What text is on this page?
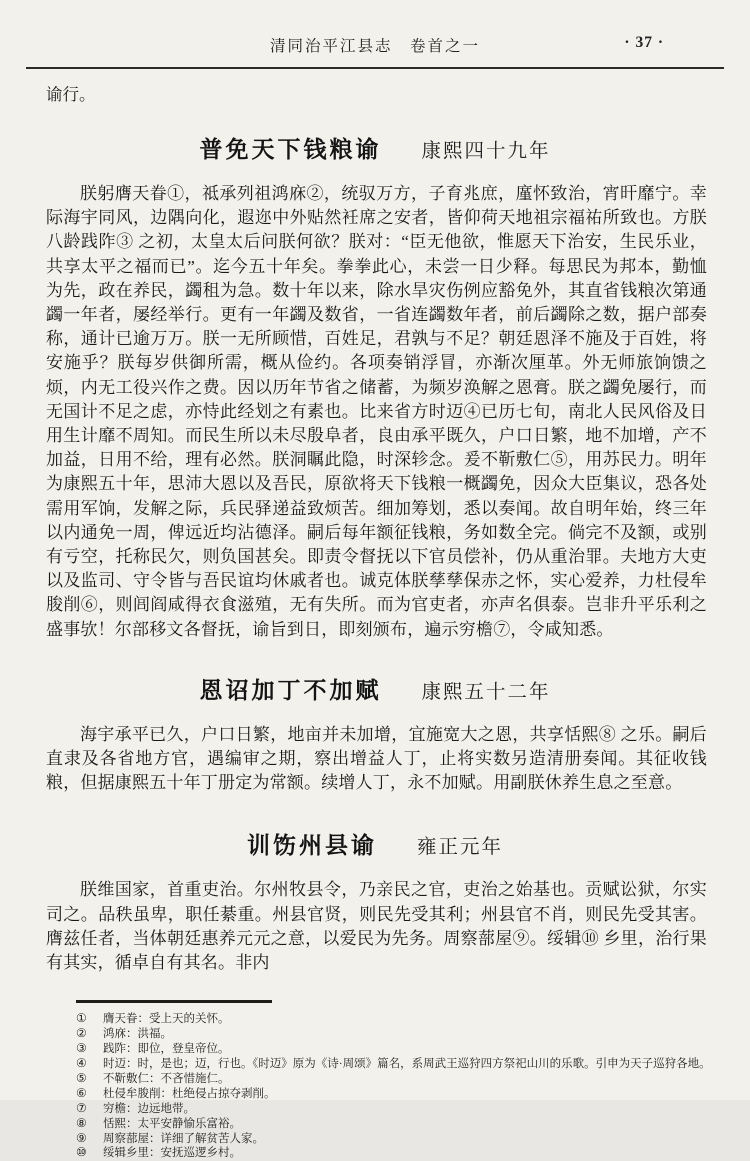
清同治平江县志　卷首之一	· 37 ·

谕行。

普免天下钱粮谕 康熙四十九年

朕躬膺天眷①，祗承列祖鸿庥②，统驭万方，子育兆庶，廑怀致治，宵旰靡宁。幸际海宇同风，边隅向化，遐迩中外贴然衽席之安者，皆仰荷天地祖宗福祐所致也。方朕八龄践阼③ 之初，太皇太后问朕何欲？朕对：“臣无他欲，惟愿天下治安，生民乐业，共享太平之福而已”。迄今五十年矣。拳拳此心，未尝一日少释。每思民为邦本，勤恤为先，政在养民，蠲租为急。数十年以来，除水旱灾伤例应豁免外，其直省钱粮次第通蠲一年者，屡经举行。更有一年蠲及数省，一省连蠲数年者，前后蠲除之数，据户部奏称，通计已逾万万。朕一无所顾惜，百姓足，君孰与不足？朝廷恩泽不施及于百姓，将安施乎？朕每岁供御所需，概从俭约。各项奏销浮冒，亦渐次厘革。外无师旅饷馈之烦，内无工役兴作之费。因以历年节省之储蓄，为频岁涣解之恩膏。朕之蠲免屡行，而无国计不足之虑，亦恃此经划之有素也。比来省方时迈④已历七旬，南北人民风俗及日用生计靡不周知。而民生所以未尽殷阜者，良由承平既久，户口日繁，地不加增，产不加益，日用不给，理有必然。朕洞瞩此隐，时深轸念。爰不靳敷仁⑤，用苏民力。明年为康熙五十年，思沛大恩以及吾民，原欲将天下钱粮一概蠲免，因众大臣集议，恐各处需用军饷，发解之际，兵民驿递益致烦苦。细加筹划，悉以奏闻。故自明年始，终三年以内通免一周，俾远近均沾德泽。嗣后每年额征钱粮，务如数全完。倘完不及额，或别有亏空，托称民欠，则负国甚矣。即责令督抚以下官员偿补，仍从重治罪。夫地方大吏以及监司、守令皆与吾民谊均休戚者也。诚克体朕孳孳保赤之怀，实心爱养，力杜侵牟朘削⑥，则闾阎咸得衣食滋殖，无有失所。而为官吏者，亦声名俱泰。岂非升平乐利之盛事欤！尔部移文各督抚，谕旨到日，即刻颁布，遍示穷檐⑦，令咸知悉。

恩诏加丁不加赋 康熙五十二年

海宇承平已久，户口日繁，地亩并未加增，宜施宽大之恩，共享恬熙⑧ 之乐。嗣后直隶及各省地方官，遇编审之期，察出增益人丁，止将实数另造清册奏闻。其征收钱粮，但据康熙五十年丁册定为常额。续增人丁，永不加赋。用副朕休养生息之至意。

训饬州县谕 雍正元年

朕维国家，首重吏治。尔州牧县令，乃亲民之官，吏治之始基也。贡赋讼狱，尔实司之。品秩虽卑，职任綦重。州县官贤，则民先受其利；州县官不肖，则民先受其害。膺兹任者，当体朝廷惠养元元之意，以爱民为先务。周察蔀屋⑨。绥辑⑩ 乡里，治行果有其实，循卓自有其名。非内

① 膺天眷：受上天的关怀。
② 鸿庥：洪福。
③ 践阼：即位，登皇帝位。
④ 时迈：时，是也；迈，行也。《时迈》原为《诗·周颂》篇名，系周武王巡狩四方祭祀山川的乐歌。引申为天子巡狩各地。
⑤ 不靳敷仁：不吝惜施仁。
⑥ 杜侵牟朘削：杜绝侵占掠夺剥削。
⑦ 穷檐：边远地带。
⑧ 恬熙：太平安静愉乐富裕。
⑨ 周察蔀屋：详细了解贫苦人家。
⑩ 绥辑乡里：安抚巡逻乡村。
